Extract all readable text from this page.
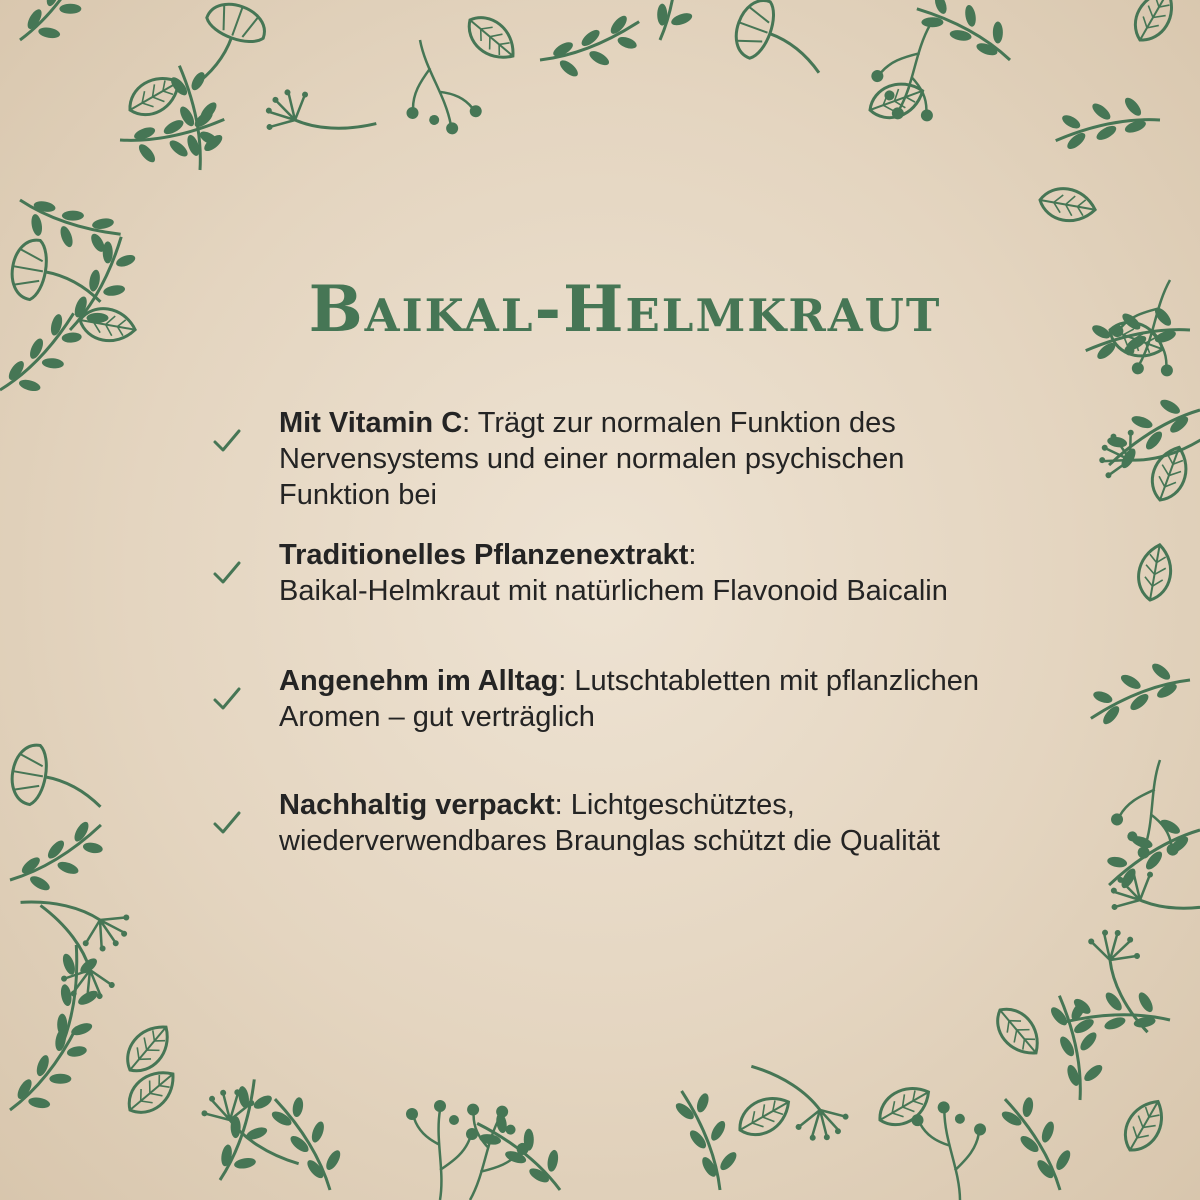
Baikal-Helmkraut
Mit Vitamin C: Trägt zur normalen Funktion des Nervensystems und einer normalen psychischen Funktion bei
Traditionelles Pflanzenextrakt:
Baikal-Helmkraut mit natürlichem Flavonoid Baicalin
Angenehm im Alltag: Lutschtabletten mit pflanzlichen Aromen – gut verträglich
Nachhaltig verpackt: Lichtgeschütztes, wiederverwendbares Braunglas schützt die Qualität
